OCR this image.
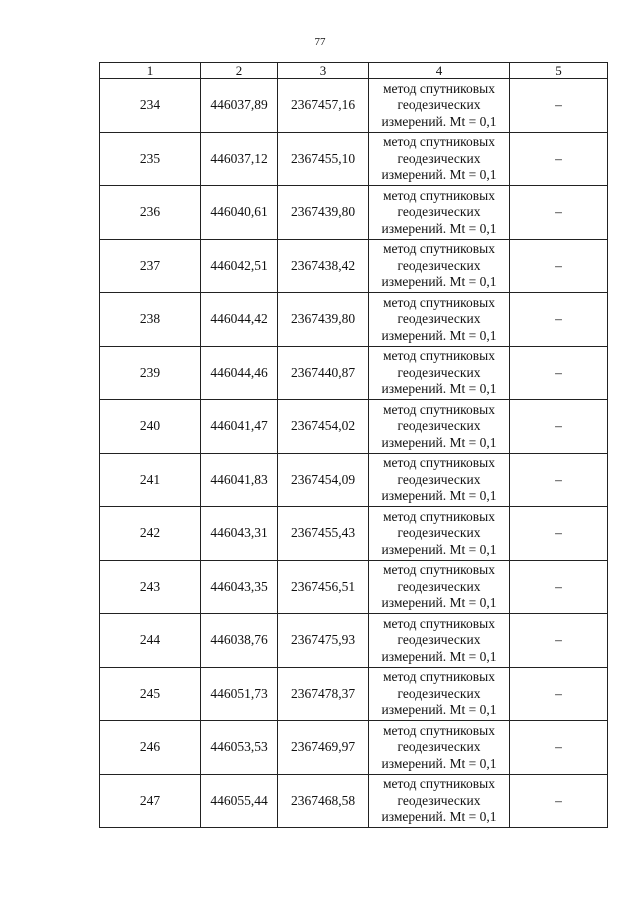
77
1	2	3	4	5
234	446037,89	2367457,16	метод спутниковых
геодезических
измерений. Mt = 0,1	–
235	446037,12	2367455,10	метод спутниковых
геодезических
измерений. Mt = 0,1	–
236	446040,61	2367439,80	метод спутниковых
геодезических
измерений. Mt = 0,1	–
237	446042,51	2367438,42	метод спутниковых
геодезических
измерений. Mt = 0,1	–
238	446044,42	2367439,80	метод спутниковых
геодезических
измерений. Mt = 0,1	–
239	446044,46	2367440,87	метод спутниковых
геодезических
измерений. Mt = 0,1	–
240	446041,47	2367454,02	метод спутниковых
геодезических
измерений. Mt = 0,1	–
241	446041,83	2367454,09	метод спутниковых
геодезических
измерений. Mt = 0,1	–
242	446043,31	2367455,43	метод спутниковых
геодезических
измерений. Mt = 0,1	–
243	446043,35	2367456,51	метод спутниковых
геодезических
измерений. Mt = 0,1	–
244	446038,76	2367475,93	метод спутниковых
геодезических
измерений. Mt = 0,1	–
245	446051,73	2367478,37	метод спутниковых
геодезических
измерений. Mt = 0,1	–
246	446053,53	2367469,97	метод спутниковых
геодезических
измерений. Mt = 0,1	–
247	446055,44	2367468,58	метод спутниковых
геодезических
измерений. Mt = 0,1	–
